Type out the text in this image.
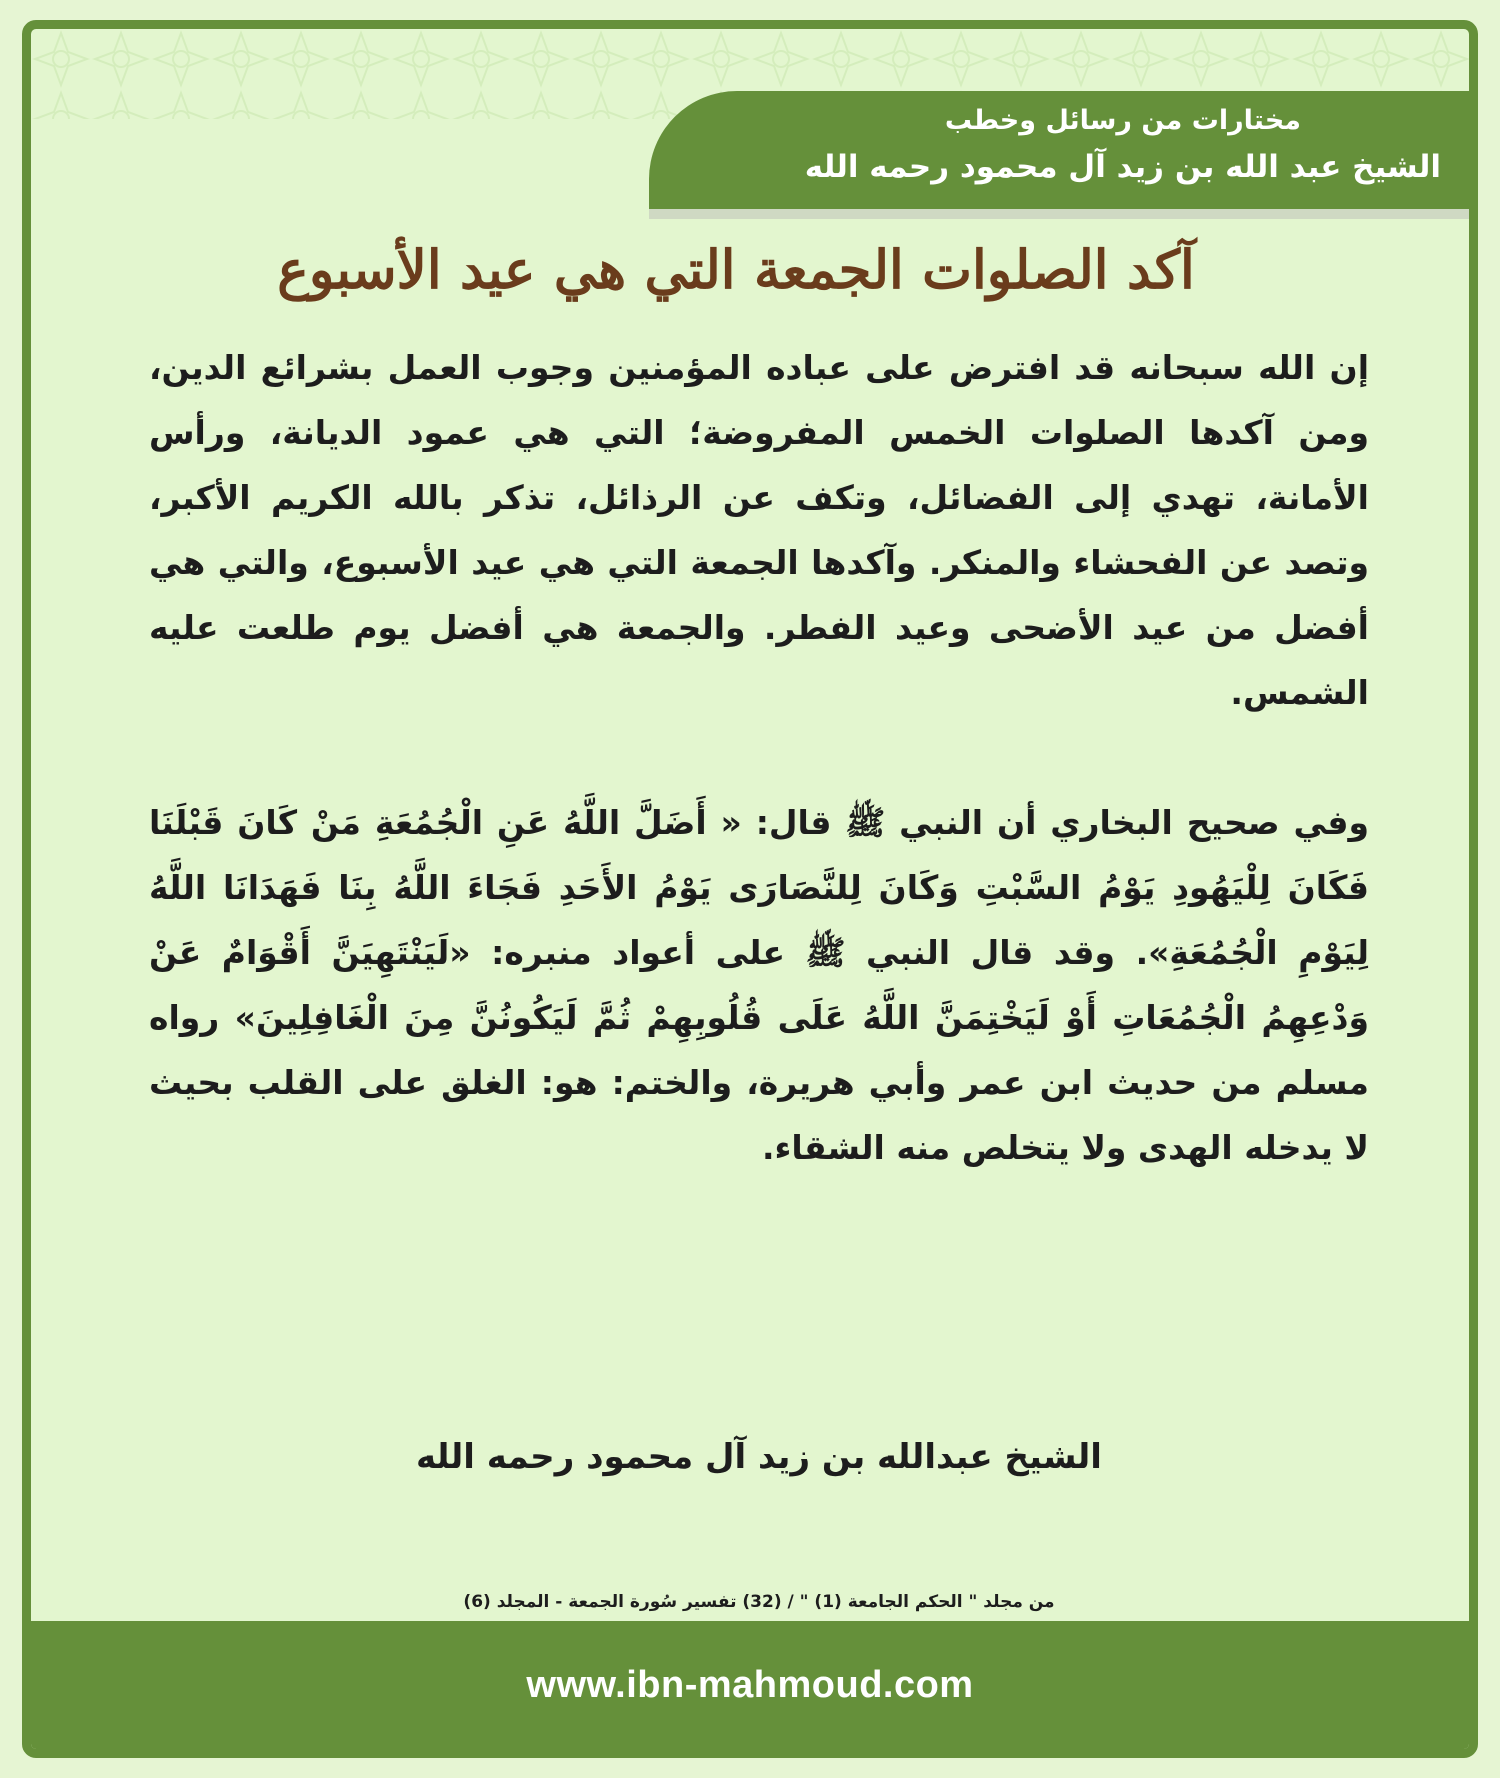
مختارات من رسائل وخطب
الشيخ عبد الله بن زيد آل محمود رحمه الله
آكد الصلوات الجمعة التي هي عيد الأسبوع

إن الله سبحانه قد افترض على عباده المؤمنين وجوب العمل بشرائع الدين، ومن آكدها الصلوات الخمس المفروضة؛ التي هي عمود الديانة، ورأس الأمانة، تهدي إلى الفضائل، وتكف عن الرذائل، تذكر بالله الكريم الأكبر، وتصد عن الفحشاء والمنكر. وآكدها الجمعة التي هي عيد الأسبوع، والتي هي أفضل من عيد الأضحى وعيد الفطر. والجمعة هي أفضل يوم طلعت عليه الشمس.

وفي صحيح البخاري أن النبي ﷺ قال: « أَضَلَّ اللَّهُ عَنِ الْجُمُعَةِ مَنْ كَانَ قَبْلَنَا فَكَانَ لِلْيَهُودِ يَوْمُ السَّبْتِ وَكَانَ لِلنَّصَارَى يَوْمُ الأَحَدِ فَجَاءَ اللَّهُ بِنَا فَهَدَانَا اللَّهُ لِيَوْمِ الْجُمُعَةِ». وقد قال النبي ﷺ على أعواد منبره: «لَيَنْتَهِيَنَّ أَقْوَامٌ عَنْ وَدْعِهِمُ الْجُمُعَاتِ أَوْ لَيَخْتِمَنَّ اللَّهُ عَلَى قُلُوبِهِمْ ثُمَّ لَيَكُونُنَّ مِنَ الْغَافِلِينَ» رواه مسلم من حديث ابن عمر وأبي هريرة، والختم: هو: الغلق على القلب بحيث لا يدخله الهدى ولا يتخلص منه الشقاء.

الشيخ عبدالله بن زيد آل محمود رحمه الله
من مجلد " الحكم الجامعة (1) " / (32) تفسير سُورة الجمعة - المجلد (6)
www.ibn-mahmoud.com
